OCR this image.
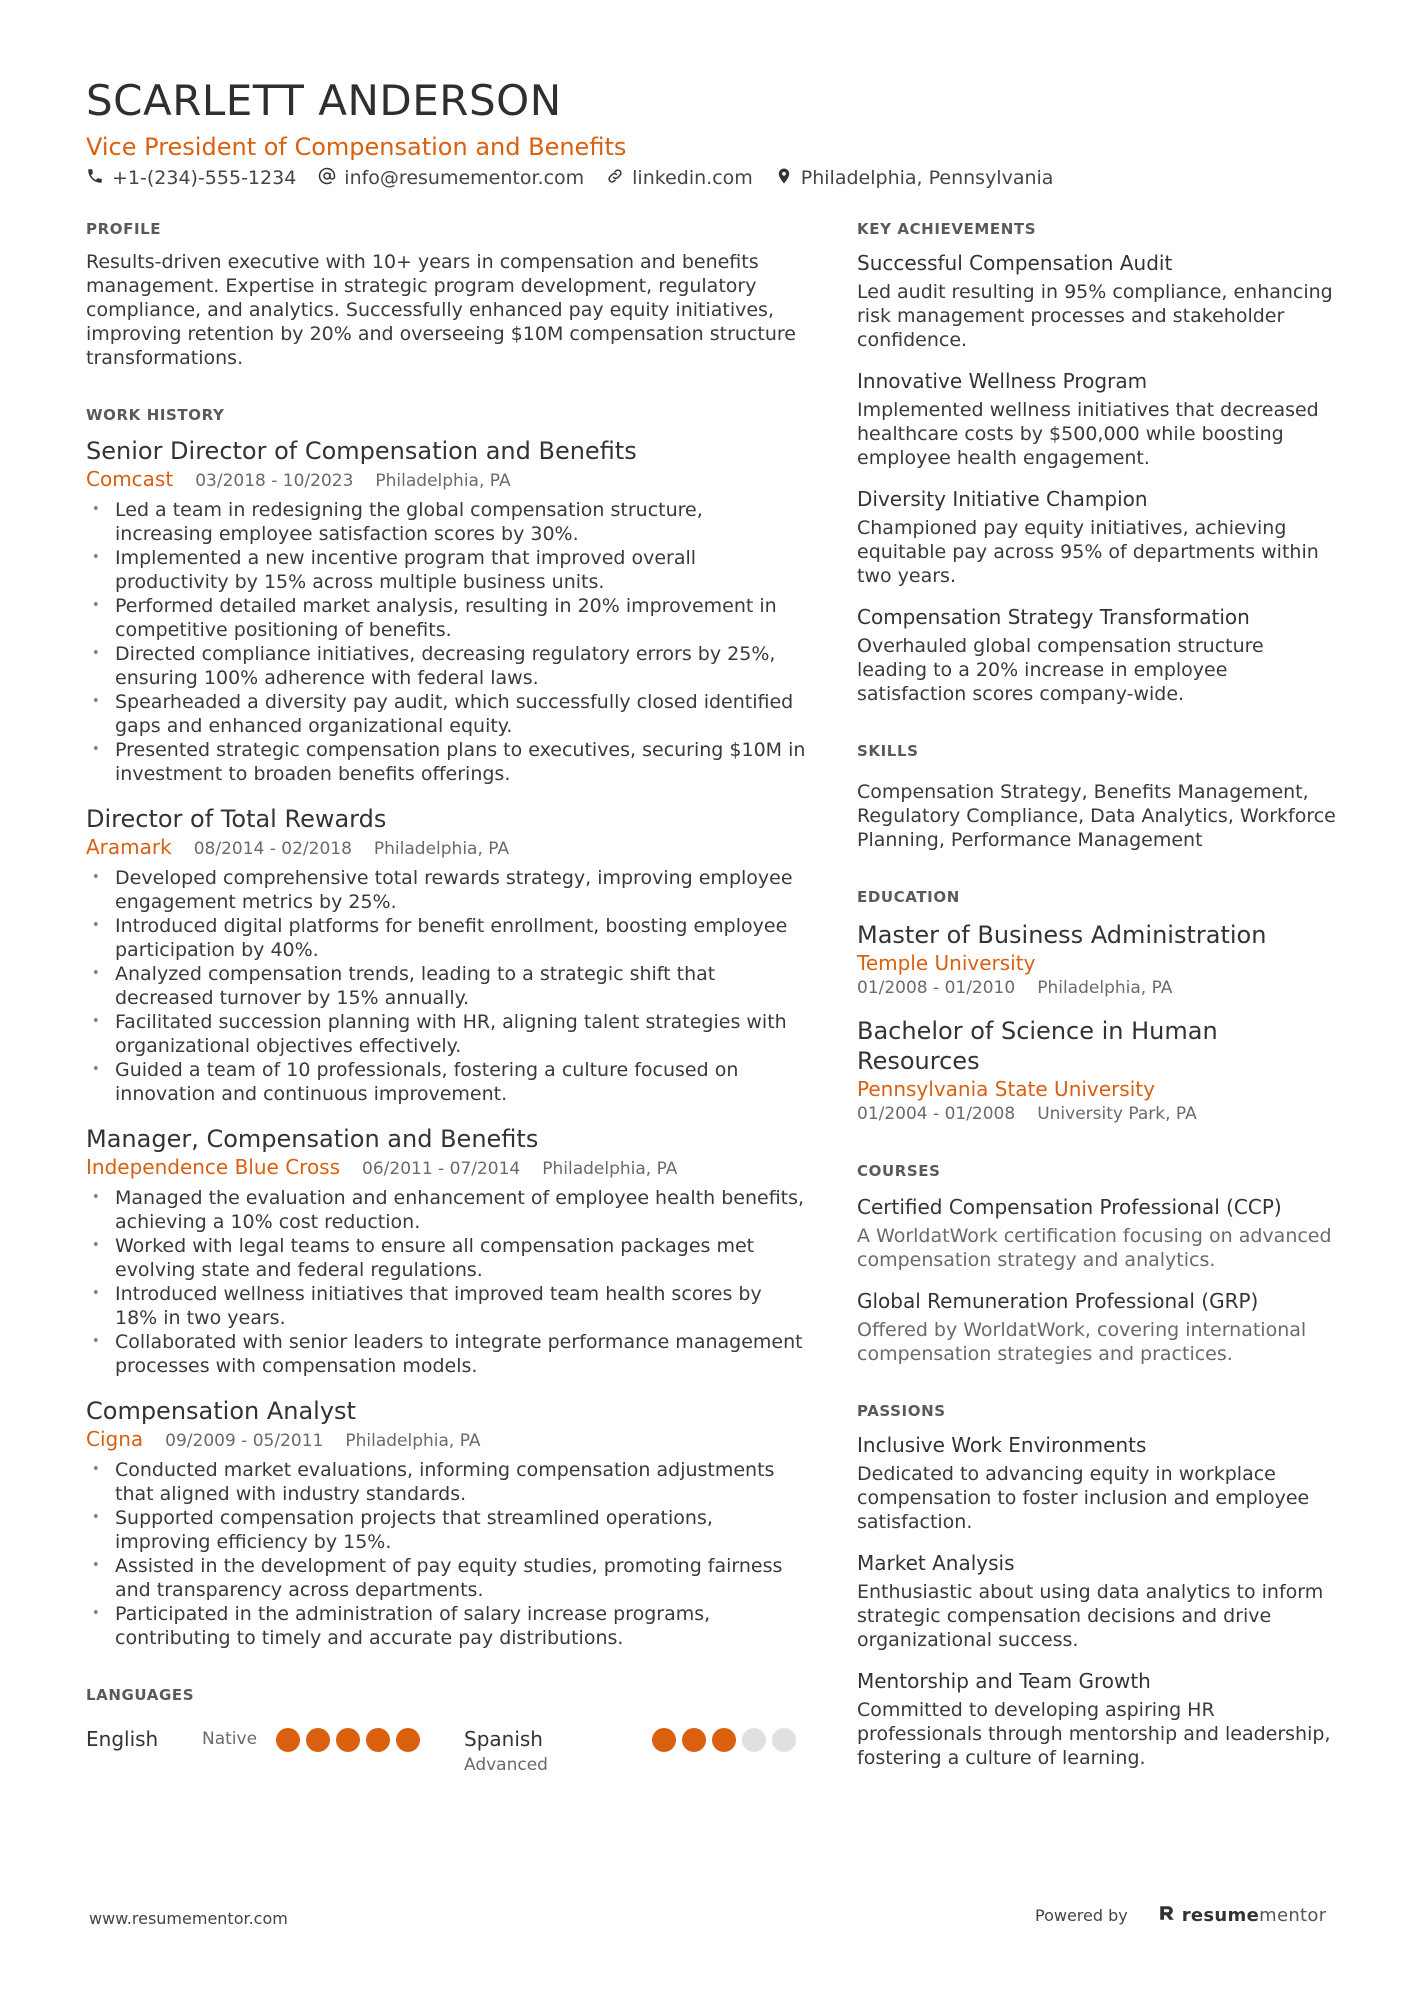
SCARLETT ANDERSON
Vice President of Compensation and Benefits
+1-(234)-555-1234	info@resumementor.com	linkedin.com	Philadelphia, Pennsylvania
PROFILE

Results-driven executive with 10+ years in compensation and benefits management. Expertise in strategic program development, regulatory compliance, and analytics. Successfully enhanced pay equity initiatives, improving retention by 20% and overseeing $10M compensation structure transformations.

WORK HISTORY
Senior Director of Compensation and Benefits
Comcast 03/2018 - 10/2023 Philadelphia, PA
• Led a team in redesigning the global compensation structure, increasing employee satisfaction scores by 30%.
• Implemented a new incentive program that improved overall productivity by 15% across multiple business units.
• Performed detailed market analysis, resulting in 20% improvement in competitive positioning of benefits.
• Directed compliance initiatives, decreasing regulatory errors by 25%, ensuring 100% adherence with federal laws.
• Spearheaded a diversity pay audit, which successfully closed identified gaps and enhanced organizational equity.
• Presented strategic compensation plans to executives, securing $10M in investment to broaden benefits offerings.
Director of Total Rewards
Aramark 08/2014 - 02/2018 Philadelphia, PA
• Developed comprehensive total rewards strategy, improving employee engagement metrics by 25%.
• Introduced digital platforms for benefit enrollment, boosting employee participation by 40%.
• Analyzed compensation trends, leading to a strategic shift that decreased turnover by 15% annually.
• Facilitated succession planning with HR, aligning talent strategies with organizational objectives effectively.
• Guided a team of 10 professionals, fostering a culture focused on innovation and continuous improvement.
Manager, Compensation and Benefits
Independence Blue Cross 06/2011 - 07/2014 Philadelphia, PA
• Managed the evaluation and enhancement of employee health benefits, achieving a 10% cost reduction.
• Worked with legal teams to ensure all compensation packages met evolving state and federal regulations.
• Introduced wellness initiatives that improved team health scores by 18% in two years.
• Collaborated with senior leaders to integrate performance management processes with compensation models.
Compensation Analyst
Cigna 09/2009 - 05/2011 Philadelphia, PA
• Conducted market evaluations, informing compensation adjustments that aligned with industry standards.
• Supported compensation projects that streamlined operations, improving efficiency by 15%.
• Assisted in the development of pay equity studies, promoting fairness and transparency across departments.
• Participated in the administration of salary increase programs, contributing to timely and accurate pay distributions.
LANGUAGES
English	Native	Spanish
Advanced
KEY ACHIEVEMENTS
Successful Compensation Audit
Led audit resulting in 95% compliance, enhancing risk management processes and stakeholder confidence.
Innovative Wellness Program
Implemented wellness initiatives that decreased healthcare costs by $500,000 while boosting employee health engagement.
Diversity Initiative Champion
Championed pay equity initiatives, achieving equitable pay across 95% of departments within two years.
Compensation Strategy Transformation
Overhauled global compensation structure leading to a 20% increase in employee satisfaction scores company-wide.
SKILLS
Compensation Strategy, Benefits Management, Regulatory Compliance, Data Analytics, Workforce Planning, Performance Management
EDUCATION
Master of Business Administration
Temple University
01/2008 - 01/2010 Philadelphia, PA
Bachelor of Science in Human Resources
Pennsylvania State University
01/2004 - 01/2008 University Park, PA
COURSES
Certified Compensation Professional (CCP)
A WorldatWork certification focusing on advanced compensation strategy and analytics.
Global Remuneration Professional (GRP)
Offered by WorldatWork, covering international compensation strategies and practices.
PASSIONS
Inclusive Work Environments
Dedicated to advancing equity in workplace compensation to foster inclusion and employee satisfaction.
Market Analysis
Enthusiastic about using data analytics to inform strategic compensation decisions and drive organizational success.
Mentorship and Team Growth
Committed to developing aspiring HR professionals through mentorship and leadership, fostering a culture of learning.
www.resumementor.com	Powered by	resumementor
